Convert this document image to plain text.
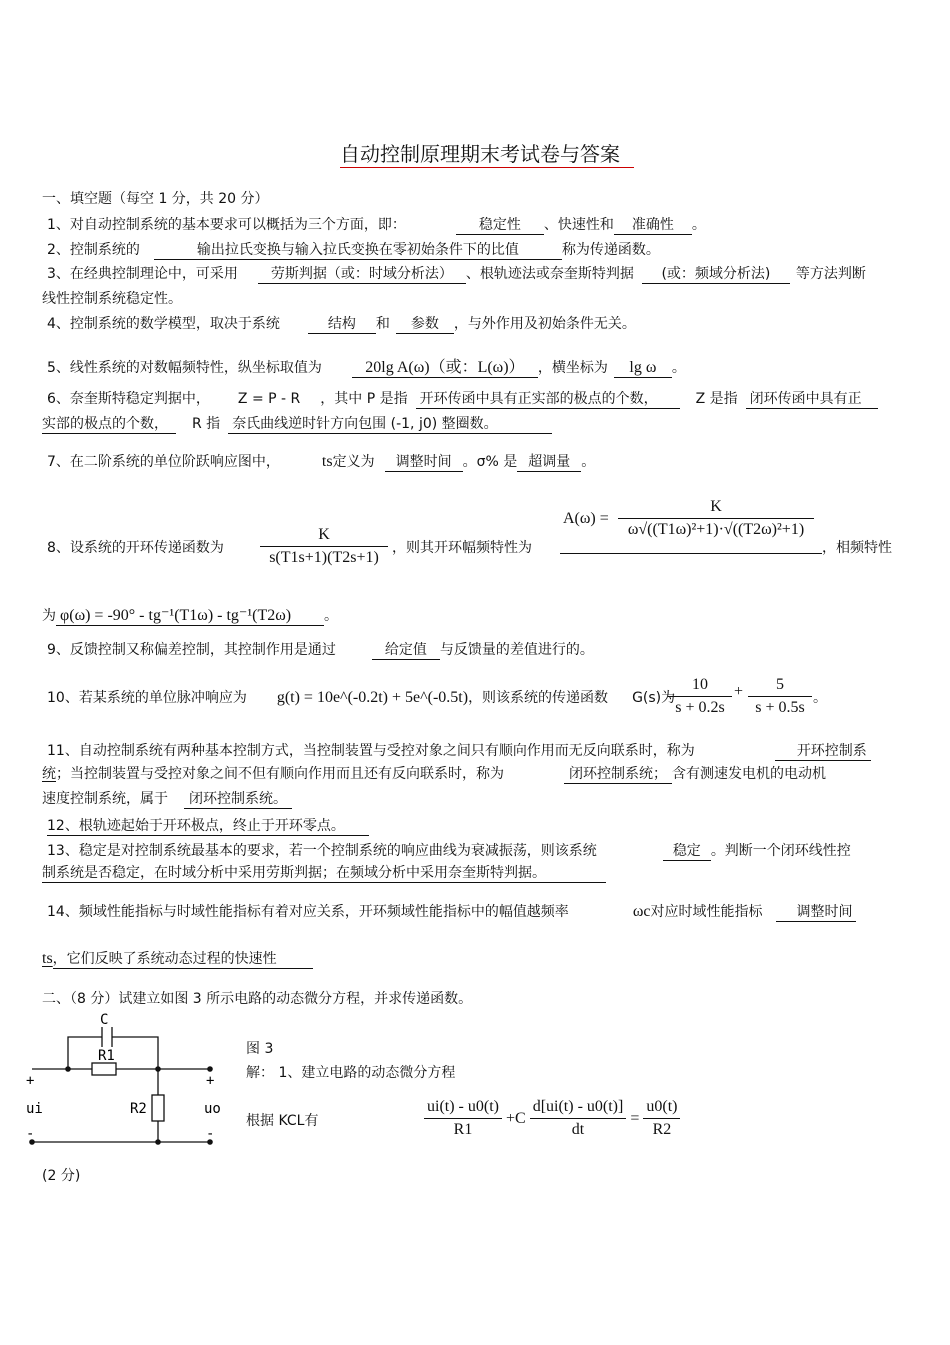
自动控制原理期末考试卷与答案
一、填空题（每空 1 分，共 20 分）
1、对自动控制系统的基本要求可以概括为三个方面，即：	稳定性 、快速性和 准确性 。
2、控制系统的	输出拉氏变换与输入拉氏变换在零初始条件下的比值	称为传递函数。
3、在经典控制理论中，可采用 劳斯判据（或：时域分析法） 、根轨迹法或奈奎斯特判据 (或：频域分析法) 等方法判断
线性控制系统稳定性。
4、控制系统的数学模型，取决于系统	结构 和 参数 ，与外作用及初始条件无关。
5、线性系统的对数幅频特性，纵坐标取值为	20lg A(ω)（或：L(ω)） ，横坐标为 lg ω 。
6、奈奎斯特稳定判据中， Z = P - R ，其中 P 是指 开环传函中具有正实部的极点的个数，	Z 是指 闭环传函中具有正
实部的极点的个数， R 指 奈氏曲线逆时针方向包围 (-1, j0) 整圈数。
7、在二阶系统的单位阶跃响应图中，	ts定义为 调整时间 。σ% 是 超调量 。
8、设系统的开环传递函数为 $\frac{K}{s(T1s+1)(T2s+1)}$ ，则其开环幅频特性为
$A(\omega) = \frac{K}{\text{ω√((T1ω)²+1)·√((T2ω)²+1)}}$
，相频特性
为 φ(ω) = -90° - tg⁻¹(T1ω) - tg⁻¹(T2ω) 。
9、反馈控制又称偏差控制，其控制作用是通过	给定值 与反馈量的差值进行的。
10、若某系统的单位脉冲响应为 g(t) = 10e^(-0.2t) + 5e^(-0.5t)，则该系统的传递函数 G(s)为
$\frac{10}{s + 0.2s} + \frac{5}{s + 0.5s}$ 。
11、自动控制系统有两种基本控制方式，当控制装置与受控对象之间只有顺向作用而无反向联系时，称为	开环控制系
统；当控制装置与受控对象之间不但有顺向作用而且还有反向联系时，称为	闭环控制系统； 含有测速发电机的电动机
速度控制系统，属于 闭环控制系统。
12、根轨迹起始于开环极点，终止于开环零点。
13、稳定是对控制系统最基本的要求，若一个控制系统的响应曲线为衰减振荡，则该系统	稳定 。判断一个闭环线性控
制系统是否稳定，在时域分析中采用劳斯判据；在频域分析中采用奈奎斯特判据。
14、频域性能指标与时域性能指标有着对应关系，开环频域性能指标中的幅值越频率	ωc对应时域性能指标 调整时间
ts，它们反映了系统动态过程的快速性
二、（8 分）试建立如图 3 所示电路的动态微分方程，并求传递函数。
C
R1
R2
+	+
ui	uo
-	-
图 3
解： 1、建立电路的动态微分方程
根据 KCL有	$\frac{ui(t) - u0(t)}{R1} +C \frac{d[ui(t) - u0(t)]}{dt} = \frac{u0(t)}{R2}$
(2 分)
